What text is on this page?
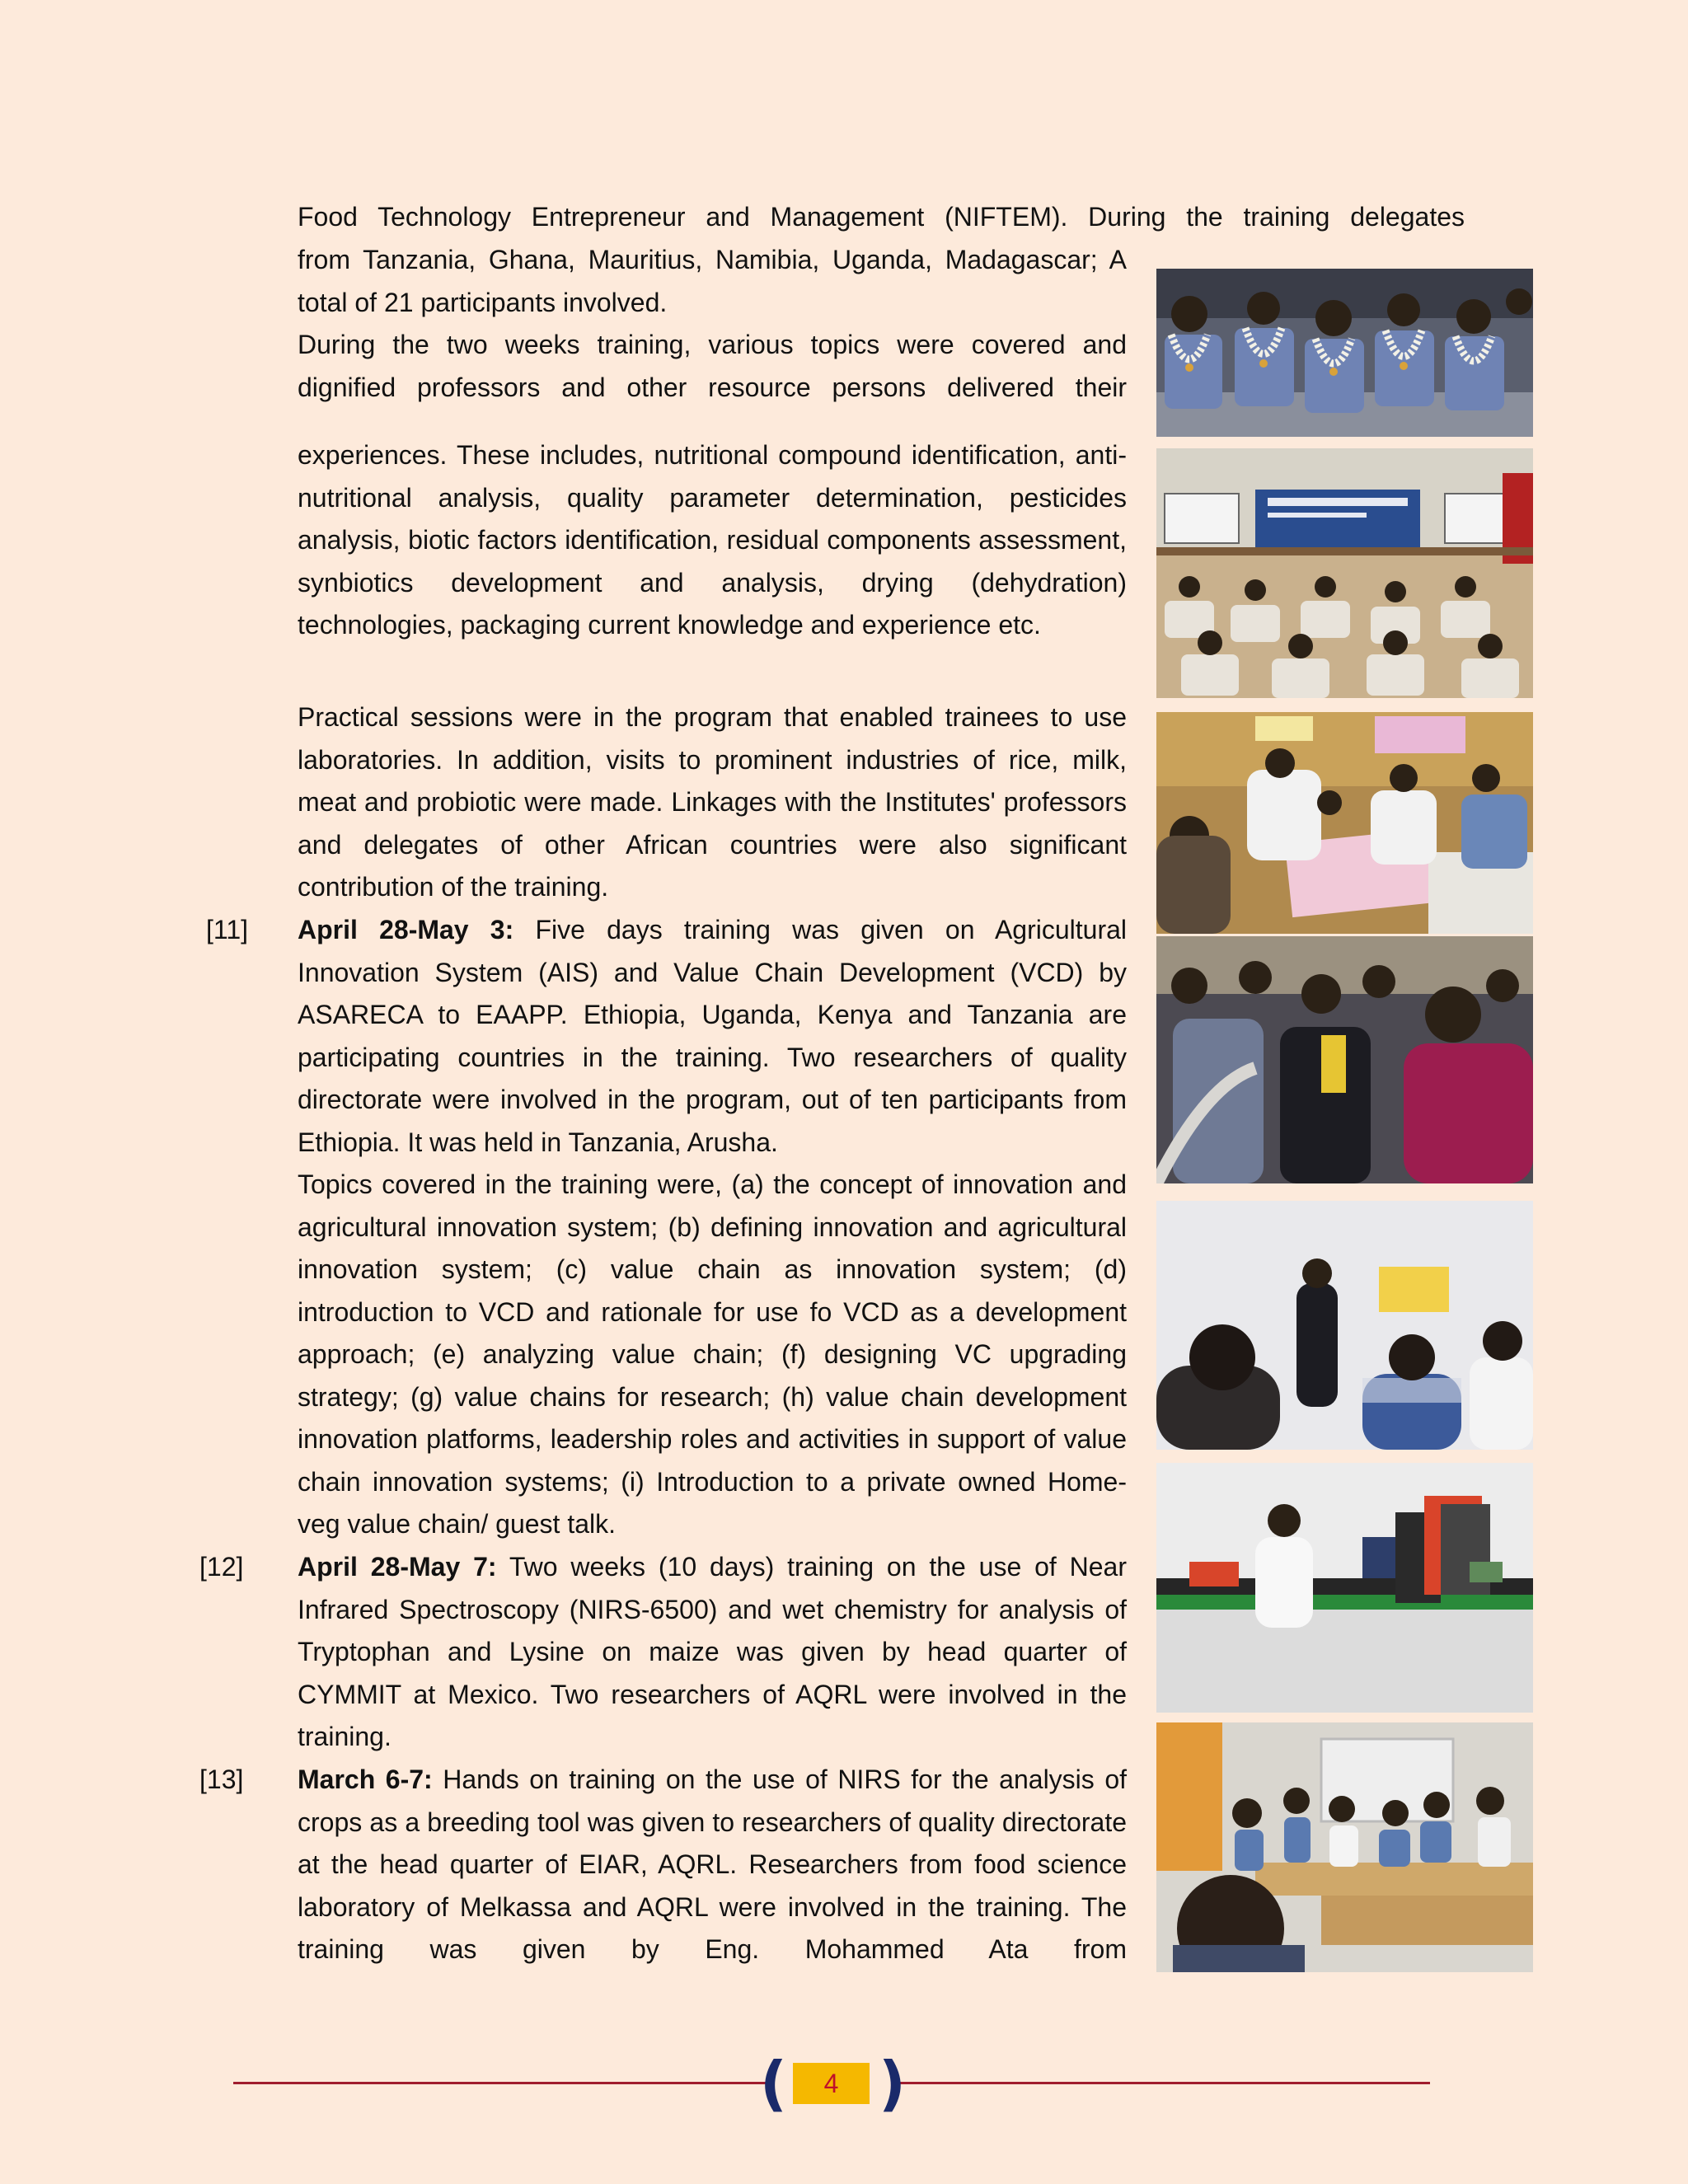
Food Technology Entrepreneur and Management (NIFTEM). During the training delegates

from Tanzania, Ghana, Mauritius, Namibia, Uganda, Madagascar; A total of 21 participants involved.

During the two weeks training, various topics were covered and dignified professors and other resource persons delivered their

experiences. These includes, nutritional compound identification, anti-nutritional analysis, quality parameter determination, pesticides analysis, biotic factors identification, residual components assessment, synbiotics development and analysis, drying (dehydration) technologies, packaging current knowledge and experience etc.

Practical sessions were in the program that enabled trainees to use laboratories. In addition, visits to prominent industries of rice, milk, meat and probiotic were made. Linkages with the Institutes' professors and delegates of other African countries were also significant contribution of the training.

[11] April 28-May 3: Five days training was given on Agricultural Innovation System (AIS) and Value Chain Development (VCD) by ASARECA to EAAPP. Ethiopia, Uganda, Kenya and Tanzania are participating countries in the training. Two researchers of quality directorate were involved in the program, out of ten participants from Ethiopia. It was held in Tanzania, Arusha.

Topics covered in the training were, (a) the concept of innovation and agricultural innovation system; (b) defining innovation and agricultural innovation system; (c) value chain as innovation system; (d) introduction to VCD and rationale for use fo VCD as a development approach; (e) analyzing value chain; (f) designing VC upgrading strategy; (g) value chains for research; (h) value chain development innovation platforms, leadership roles and activities in support of value chain innovation systems; (i) Introduction to a private owned Home-veg value chain/ guest talk.

[12] April 28-May 7: Two weeks (10 days) training on the use of Near Infrared Spectroscopy (NIRS-6500) and wet chemistry for analysis of Tryptophan and Lysine on maize was given by head quarter of CYMMIT at Mexico. Two researchers of AQRL were involved in the training.

[13] March 6-7: Hands on training on the use of NIRS for the analysis of crops as a breeding tool was given to researchers of quality directorate at the head quarter of EIAR, AQRL. Researchers from food science laboratory of Melkassa and AQRL were involved in the training. The training was given by Eng. Mohammed Ata from

( )
4
